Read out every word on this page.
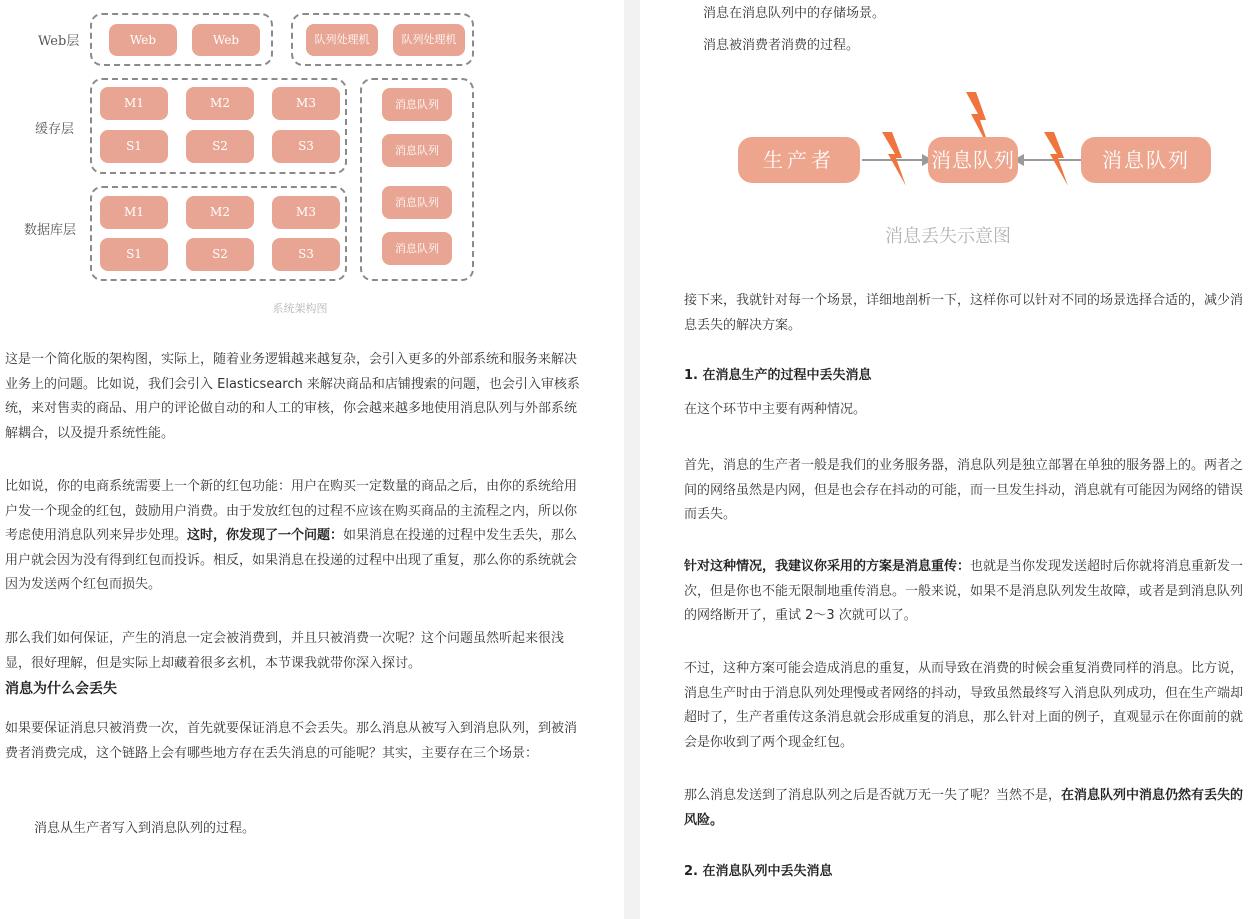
Web层
缓存层
数据库层
Web	Web	队列处理机	队列处理机
M1	M2	M3
S1	S2	S3
M1	M2	M3
S1	S2	S3
消息队列
消息队列
消息队列
消息队列
系统架构图

这是一个简化版的架构图，实际上，随着业务逻辑越来越复杂，会引入更多的外部系统和服务来解决业务上的问题。比如说，我们会引入 Elasticsearch 来解决商品和店铺搜索的问题，也会引入审核系统，来对售卖的商品、用户的评论做自动的和人工的审核，你会越来越多地使用消息队列与外部系统解耦合，以及提升系统性能。

比如说，你的电商系统需要上一个新的红包功能：用户在购买一定数量的商品之后，由你的系统给用户发一个现金的红包，鼓励用户消费。由于发放红包的过程不应该在购买商品的主流程之内，所以你考虑使用消息队列来异步处理。这时，你发现了一个问题：如果消息在投递的过程中发生丢失，那么用户就会因为没有得到红包而投诉。相反，如果消息在投递的过程中出现了重复，那么你的系统就会因为发送两个红包而损失。

那么我们如何保证，产生的消息一定会被消费到，并且只被消费一次呢？这个问题虽然听起来很浅显，很好理解，但是实际上却藏着很多玄机，本节课我就带你深入探讨。

消息为什么会丢失

如果要保证消息只被消费一次，首先就要保证消息不会丢失。那么消息从被写入到消息队列，到被消费者消费完成，这个链路上会有哪些地方存在丢失消息的可能呢？其实，主要存在三个场景：

消息从生产者写入到消息队列的过程。

消息在消息队列中的存储场景。

消息被消费者消费的过程。

生产者	消息队列	消息队列
消息丢失示意图

接下来，我就针对每一个场景，详细地剖析一下，这样你可以针对不同的场景选择合适的，减少消息丢失的解决方案。

1. 在消息生产的过程中丢失消息

在这个环节中主要有两种情况。

首先，消息的生产者一般是我们的业务服务器，消息队列是独立部署在单独的服务器上的。两者之间的网络虽然是内网，但是也会存在抖动的可能，而一旦发生抖动，消息就有可能因为网络的错误而丢失。

针对这种情况，我建议你采用的方案是消息重传：也就是当你发现发送超时后你就将消息重新发一次，但是你也不能无限制地重传消息。一般来说，如果不是消息队列发生故障，或者是到消息队列的网络断开了，重试 2～3 次就可以了。

不过，这种方案可能会造成消息的重复，从而导致在消费的时候会重复消费同样的消息。比方说，消息生产时由于消息队列处理慢或者网络的抖动，导致虽然最终写入消息队列成功，但在生产端却超时了，生产者重传这条消息就会形成重复的消息，那么针对上面的例子，直观显示在你面前的就会是你收到了两个现金红包。

那么消息发送到了消息队列之后是否就万无一失了呢？当然不是，在消息队列中消息仍然有丢失的风险。

2. 在消息队列中丢失消息
